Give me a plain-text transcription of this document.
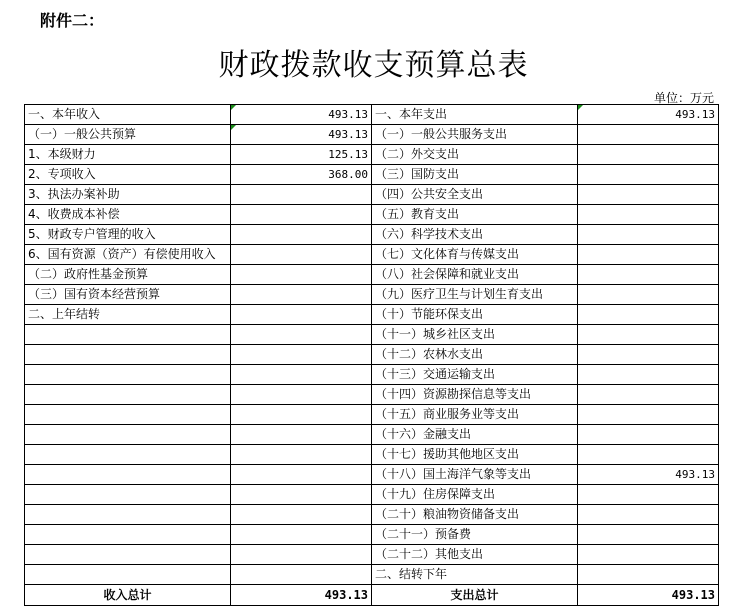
附件二：
财政拨款收支预算总表
单位：万元
一、本年收入	493.13	一、本年支出	493.13
（一）一般公共预算	493.13	（一）一般公共服务支出	
1、本级财力	125.13	（二）外交支出	
2、专项收入	368.00	（三）国防支出	
3、执法办案补助		（四）公共安全支出	
4、收费成本补偿		（五）教育支出	
5、财政专户管理的收入		（六）科学技术支出	
6、国有资源（资产）有偿使用收入		（七）文化体育与传媒支出	
（二）政府性基金预算		（八）社会保障和就业支出	
（三）国有资本经营预算		（九）医疗卫生与计划生育支出	
二、上年结转		（十）节能环保支出	
		（十一）城乡社区支出	
		（十二）农林水支出	
		（十三）交通运输支出	
		（十四）资源勘探信息等支出	
		（十五）商业服务业等支出	
		（十六）金融支出	
		（十七）援助其他地区支出	
		（十八）国土海洋气象等支出	493.13
		（十九）住房保障支出	
		（二十）粮油物资储备支出	
		（二十一）预备费	
		（二十二）其他支出	
		二、结转下年	
收入总计	493.13	支出总计	493.13
